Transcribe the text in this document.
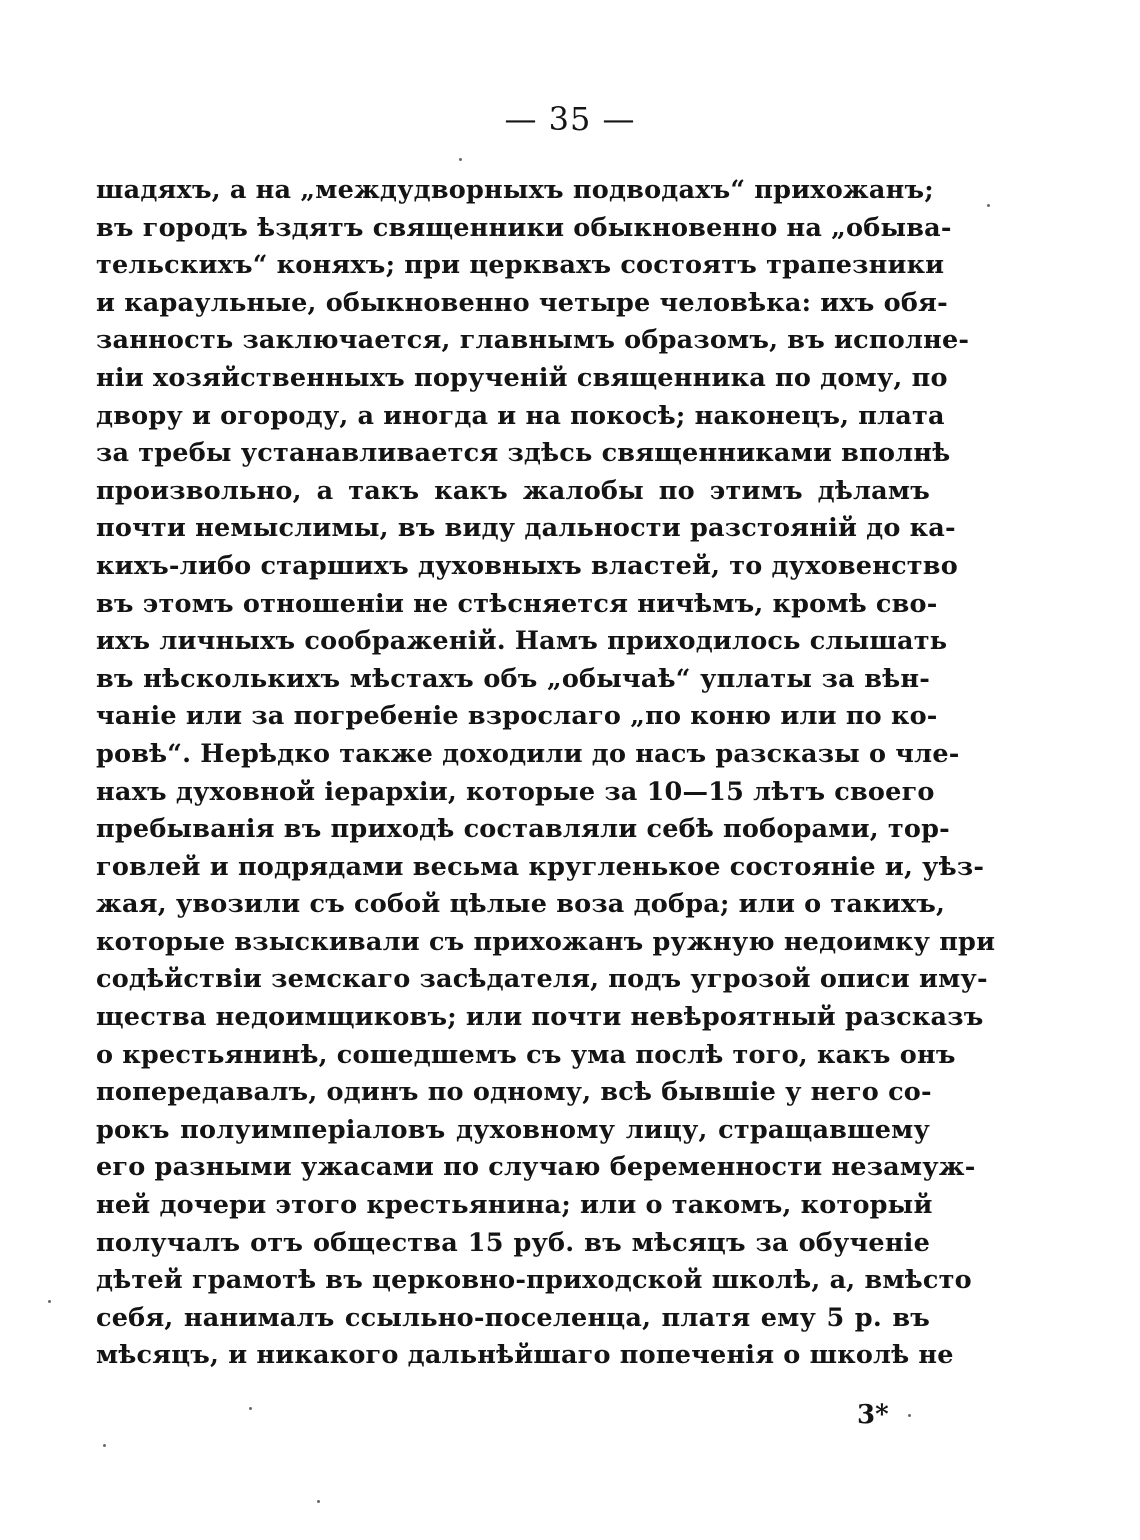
— 35 —
шадяхъ, а на „междудворныхъ подводахъ“ прихожанъ;
въ городъ ѣздятъ священники обыкновенно на „обыва-
тельскихъ“ коняхъ; при церквахъ состоятъ трапезники
и караульные, обыкновенно четыре человѣка: ихъ обя-
занность заключается, главнымъ образомъ, въ исполне-
нiи хозяйственныхъ порученiй священника по дому, по
двору и огороду, а иногда и на покосѣ; наконецъ, плата
за требы устанавливается здѣсь священниками вполнѣ
произвольно, а такъ какъ жалобы по этимъ дѣламъ
почти немыслимы, въ виду дальности разстоянiй до ка-
кихъ-либо старшихъ духовныхъ властей, то духовенство
въ этомъ отношенiи не стѣсняется ничѣмъ, кромѣ сво-
ихъ личныхъ соображенiй. Намъ приходилось слышать
въ нѣсколькихъ мѣстахъ объ „обычаѣ“ уплаты за вѣн-
чанiе или за погребенiе взрослаго „по коню или по ко-
ровѣ“. Нерѣдко также доходили до насъ разсказы о чле-
нахъ духовной iерархiи, которые за 10—15 лѣтъ своего
пребыванiя въ приходѣ составляли себѣ поборами, тор-
говлей и подрядами весьма кругленькое состоянiе и, уѣз-
жая, увозили съ собой цѣлые воза добра; или о такихъ,
которые взыскивали съ прихожанъ ружную недоимку при
содѣйствiи земскаго засѣдателя, подъ угрозой описи иму-
щества недоимщиковъ; или почти невѣроятный разсказъ
о крестьянинѣ, сошедшемъ съ ума послѣ того, какъ онъ
попередавалъ, одинъ по одному, всѣ бывшiе у него со-
рокъ полуимперiаловъ духовному лицу, стращавшему
его разными ужасами по случаю беременности незамуж-
ней дочери этого крестьянина; или о такомъ, который
получалъ отъ общества 15 руб. въ мѣсяцъ за обученiе
дѣтей грамотѣ въ церковно-приходской школѣ, а, вмѣсто
себя, нанималъ ссыльно-поселенца, платя ему 5 р. въ
мѣсяцъ, и никакого дальнѣйшаго попеченiя о школѣ не
3*
